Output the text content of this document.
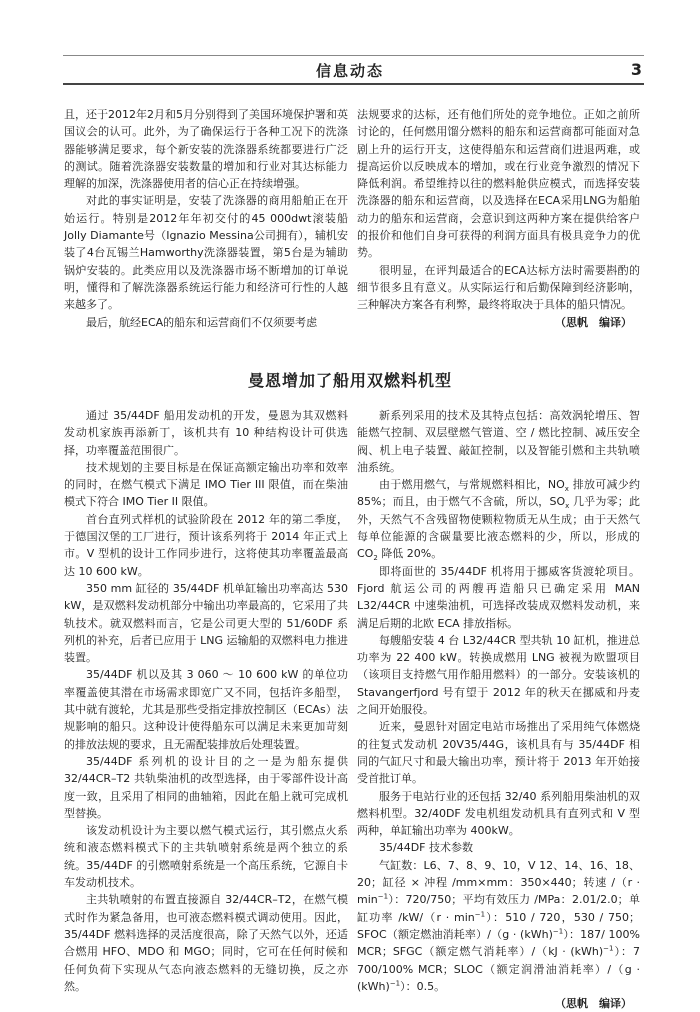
信息动态	3

且，还于2012年2月和5月分别得到了美国环境保护署和英国议会的认可。此外，为了确保运行于各种工况下的洗涤器能够满足要求，每个新安装的洗涤器系统都要进行广泛的测试。随着洗涤器安装数量的增加和行业对其达标能力理解的加深，洗涤器使用者的信心正在持续增强。

对此的事实证明是，安装了洗涤器的商用船舶正在开始运行。特别是2012年年初交付的45 000dwt滚装船Jolly Diamante号（Ignazio Messina公司拥有），辅机安装了4台瓦锡兰Hamworthy洗涤器装置，第5台是为辅助锅炉安装的。此类应用以及洗涤器市场不断增加的订单说明，懂得和了解洗涤器系统运行能力和经济可行性的人越来越多了。

最后，航经ECA的船东和运营商们不仅须要考虑

法规要求的达标，还有他们所处的竞争地位。正如之前所讨论的，任何燃用馏分燃料的船东和运营商都可能面对急剧上升的运行开支，这使得船东和运营商们进退两难，或提高运价以反映成本的增加，或在行业竞争激烈的情况下降低利润。希望维持以往的燃料舱供应模式，而选择安装洗涤器的船东和运营商，以及选择在ECA采用LNG为船舶动力的船东和运营商，会意识到这两种方案在提供给客户的报价和他们自身可获得的利润方面具有极具竞争力的优势。

很明显，在评判最适合的ECA达标方法时需要斟酌的细节很多且有意义。从实际运行和后勤保障到经济影响，三种解决方案各有利弊，最终将取决于具体的船只情况。

（思帆　编译）

曼恩增加了船用双燃料机型

通过 35/44DF 船用发动机的开发，曼恩为其双燃料发动机家族再添新丁，该机共有 10 种结构设计可供选择，功率覆盖范围很广。

技术规划的主要目标是在保证高额定输出功率和效率的同时，在燃气模式下满足 IMO Tier III 限值，而在柴油模式下符合 IMO Tier II 限值。

首台直列式样机的试验阶段在 2012 年的第二季度，于德国汉堡的工厂进行，预计该系列将于 2014 年正式上市。V 型机的设计工作同步进行，这将使其功率覆盖最高达 10 600 kW。

350 mm 缸径的 35/44DF 机单缸输出功率高达 530 kW，是双燃料发动机部分中输出功率最高的，它采用了共轨技术。就双燃料而言，它是公司更大型的 51/60DF 系列机的补充，后者已应用于 LNG 运输船的双燃料电力推进装置。

35/44DF 机以及其 3 060 ～ 10 600 kW 的单位功率覆盖使其潜在市场需求即宽广又不同，包括许多船型，其中就有渡轮，尤其是那些受指定排放控制区（ECAs）法规影响的船只。这种设计使得船东可以满足未来更加苛刻的排放法规的要求，且无需配装排放后处理装置。

35/44DF 系列机的设计目的之一是为船东提供 32/44CR–T2 共轨柴油机的改型选择，由于零部件设计高度一致，且采用了相同的曲轴箱，因此在船上就可完成机型替换。

该发动机设计为主要以燃气模式运行，其引燃点火系统和液态燃料模式下的主共轨喷射系统是两个独立的系统。35/44DF 的引燃喷射系统是一个高压系统，它源自卡车发动机技术。

主共轨喷射的布置直接源自 32/44CR–T2，在燃气模式时作为紧急备用，也可液态燃料模式调动使用。因此，35/44DF 燃料选择的灵活度很高，除了天然气以外，还适合燃用 HFO、MDO 和 MGO；同时，它可在任何时候和任何负荷下实现从气态向液态燃料的无缝切换，反之亦然。

新系列采用的技术及其特点包括：高效涡轮增压、智能燃气控制、双层壁燃气管道、空 / 燃比控制、减压安全阀、机上电子装置、敲缸控制，以及智能引燃和主共轨喷油系统。

由于燃用燃气，与常规燃料相比，$NO_x$ 排放可减少约 85%；而且，由于燃气不含硫，所以，$SO_x$ 几乎为零；此外，天然气不含残留物使颗粒物质无从生成；由于天然气每单位能源的含碳量要比液态燃料的少，所以，形成的 $CO_2$ 降低 20%。

即将面世的 35/44DF 机将用于挪威客货渡轮项目。Fjord 航运公司的两艘再造船只已确定采用 MAN L32/44CR 中速柴油机，可选择改装成双燃料发动机，来满足后期的北欧 ECA 排放指标。

每艘船安装 4 台 L32/44CR 型共轨 10 缸机，推进总功率为 22 400 kW。转换成燃用 LNG 被视为欧盟项目（该项目支持燃气用作船用燃料）的一部分。安装该机的 Stavangerfjord 号有望于 2012 年的秋天在挪威和丹麦之间开始服役。

近来，曼恩针对固定电站市场推出了采用纯气体燃烧的往复式发动机 20V35/44G，该机具有与 35/44DF 相同的气缸尺寸和最大输出功率，预计将于 2013 年开始接受首批订单。

服务于电站行业的还包括 32/40 系列船用柴油机的双燃料机型。32/40DF 发电机组发动机具有直列式和 V 型两种，单缸输出功率为 400kW。

35/44DF 技术参数

气缸数：L6、7、8、9、10，V 12、14、16、18、20；缸径 × 冲程 /mm×mm：350×440；转速 $/(r \cdot \min^{-1})$：720/750；平均有效压力 /MPa：2.01/2.0；单缸功率 $/kW/(r \cdot \min^{-1})$：510 / 720，530 / 750；SFOC（额定燃油消耗率）/（g · (kWh)$^{-1}$）：187/ 100% MCR；SFGC（额定燃气消耗率）/（kJ · (kWh)$^{-1}$）：7 700/100% MCR；SLOC（额定润滑油消耗率）/（g · (kWh)$^{-1}$）：0.5。

（思帆　编译）
